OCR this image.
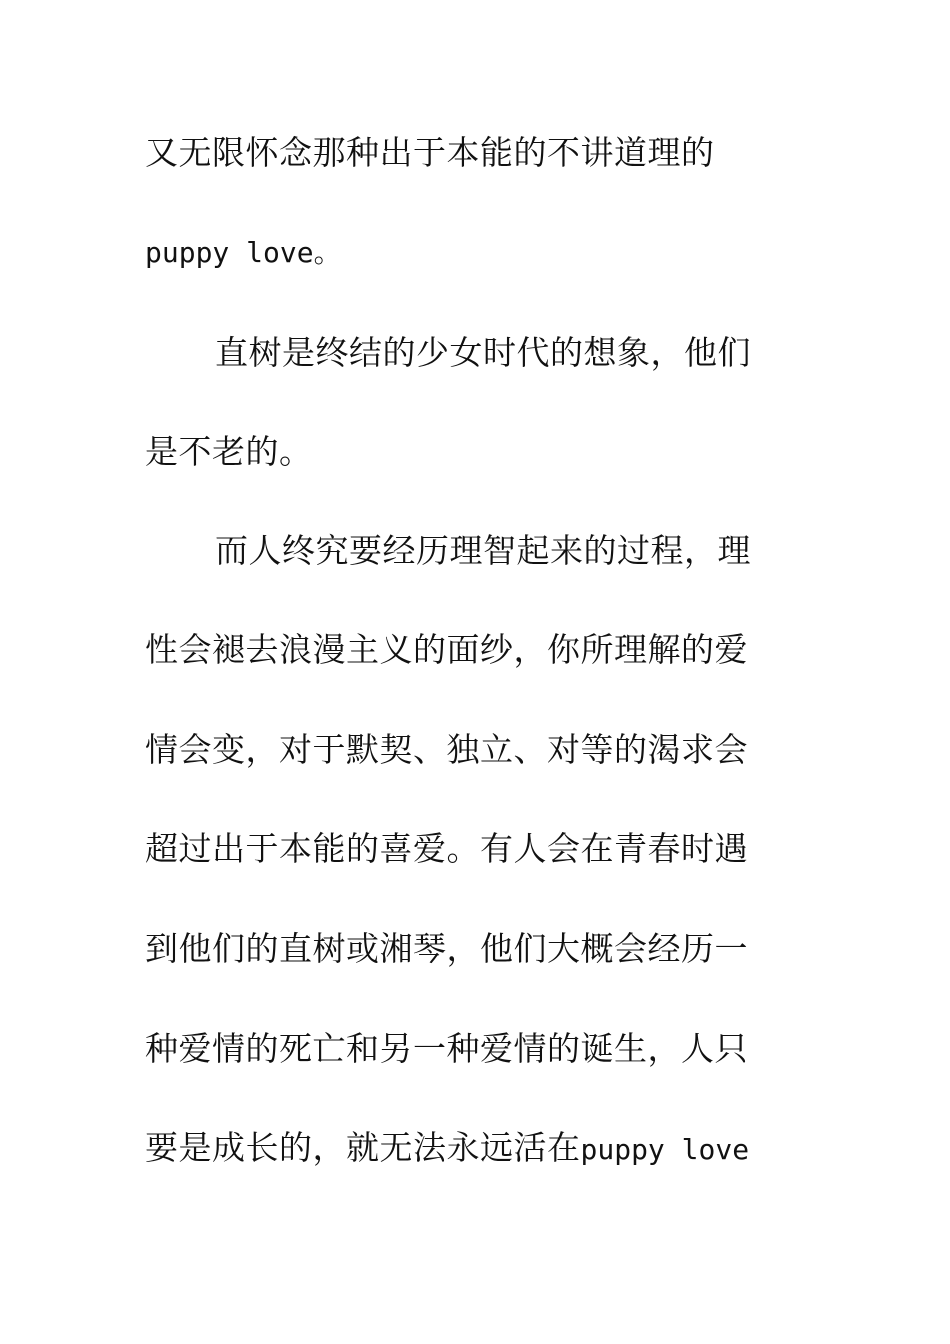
又无限怀念那种出于本能的不讲道理的
puppy love。
直树是终结的少女时代的想象，他们
是不老的。
而人终究要经历理智起来的过程，理
性会褪去浪漫主义的面纱，你所理解的爱
情会变，对于默契、独立、对等的渴求会
超过出于本能的喜爱。有人会在青春时遇
到他们的直树或湘琴，他们大概会经历一
种爱情的死亡和另一种爱情的诞生，人只
要是成长的，就无法永远活在puppy love
